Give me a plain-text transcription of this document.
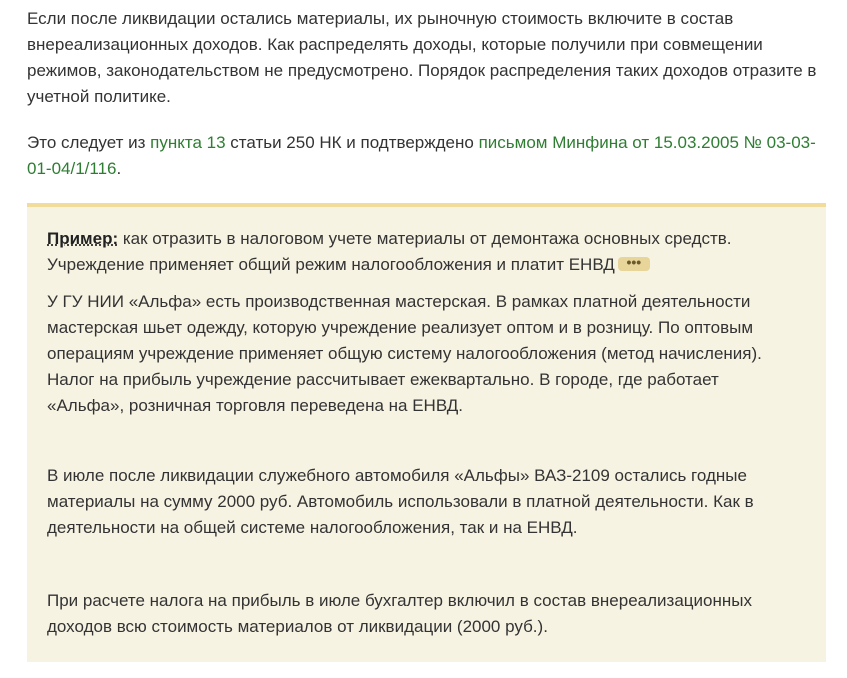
Если после ликвидации остались материалы, их рыночную стоимость включите в состав внереализационных доходов. Как распределять доходы, которые получили при совмещении режимов, законодательством не предусмотрено. Порядок распределения таких доходов отразите в учетной политике.

Это следует из пункта 13 статьи 250 НК и подтверждено письмом Минфина от 15.03.2005 № 03-03-01-04/1/116.

Пример: как отразить в налоговом учете материалы от демонтажа основных средств. Учреждение применяет общий режим налогообложения и платит ЕНВД •••

У ГУ НИИ «Альфа» есть производственная мастерская. В рамках платной деятельности мастерская шьет одежду, которую учреждение реализует оптом и в розницу. По оптовым операциям учреждение применяет общую систему налогообложения (метод начисления). Налог на прибыль учреждение рассчитывает ежеквартально. В городе, где работает «Альфа», розничная торговля переведена на ЕНВД.

В июле после ликвидации служебного автомобиля «Альфы» ВАЗ-2109 остались годные материалы на сумму 2000 руб. Автомобиль использовали в платной деятельности. Как в деятельности на общей системе налогообложения, так и на ЕНВД.

При расчете налога на прибыль в июле бухгалтер включил в состав внереализационных доходов всю стоимость материалов от ликвидации (2000 руб.).
